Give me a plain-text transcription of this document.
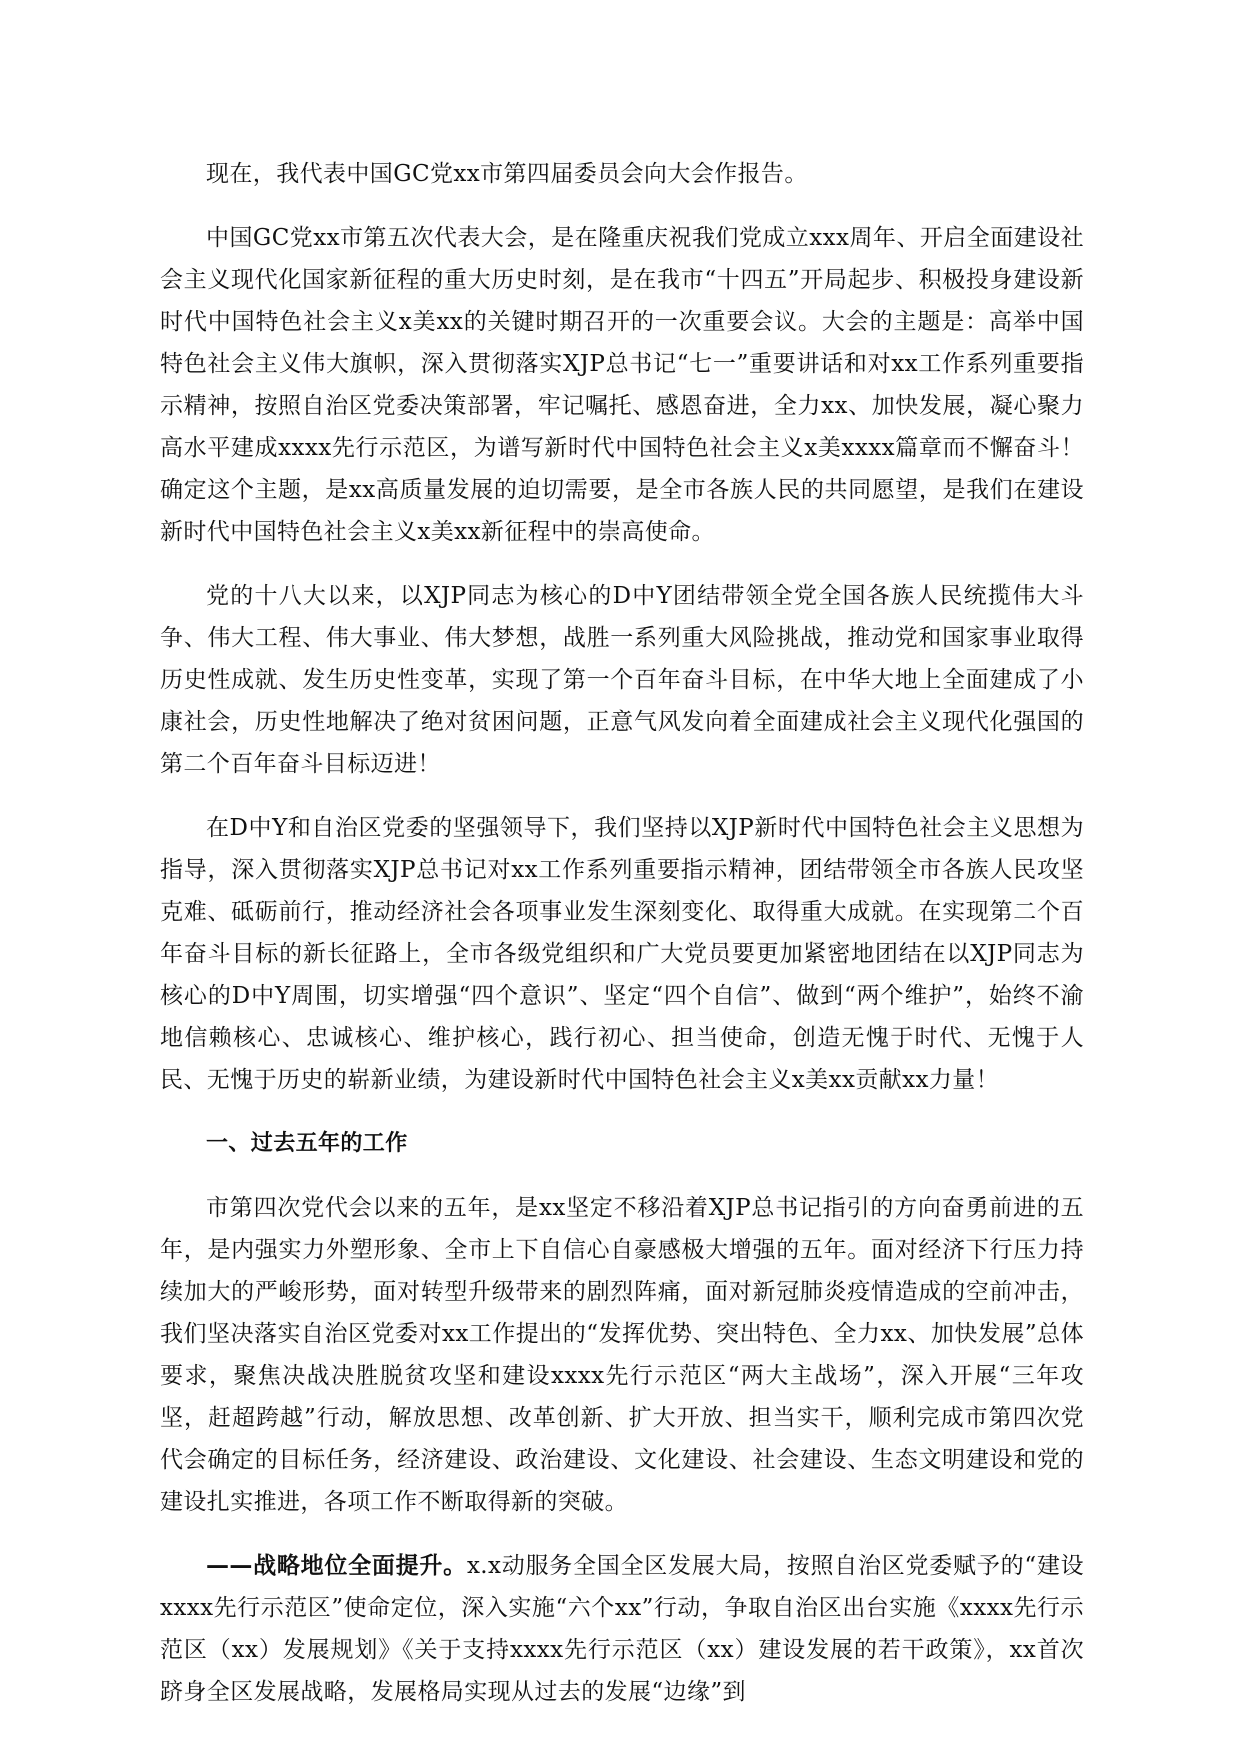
现在，我代表中国GC党xx市第四届委员会向大会作报告。

中国GC党xx市第五次代表大会，是在隆重庆祝我们党成立xxx周年、开启全面建设社会主义现代化国家新征程的重大历史时刻，是在我市“十四五”开局起步、积极投身建设新时代中国特色社会主义x美xx的关键时期召开的一次重要会议。大会的主题是：高举中国特色社会主义伟大旗帜，深入贯彻落实XJP总书记“七一”重要讲话和对xx工作系列重要指示精神，按照自治区党委决策部署，牢记嘱托、感恩奋进，全力xx、加快发展，凝心聚力高水平建成xxxx先行示范区，为谱写新时代中国特色社会主义x美xxxx篇章而不懈奋斗！确定这个主题，是xx高质量发展的迫切需要，是全市各族人民的共同愿望，是我们在建设新时代中国特色社会主义x美xx新征程中的崇高使命。

党的十八大以来，以XJP同志为核心的D中Y团结带领全党全国各族人民统揽伟大斗争、伟大工程、伟大事业、伟大梦想，战胜一系列重大风险挑战，推动党和国家事业取得历史性成就、发生历史性变革，实现了第一个百年奋斗目标，在中华大地上全面建成了小康社会，历史性地解决了绝对贫困问题，正意气风发向着全面建成社会主义现代化强国的第二个百年奋斗目标迈进！

在D中Y和自治区党委的坚强领导下，我们坚持以XJP新时代中国特色社会主义思想为指导，深入贯彻落实XJP总书记对xx工作系列重要指示精神，团结带领全市各族人民攻坚克难、砥砺前行，推动经济社会各项事业发生深刻变化、取得重大成就。在实现第二个百年奋斗目标的新长征路上，全市各级党组织和广大党员要更加紧密地团结在以XJP同志为核心的D中Y周围，切实增强“四个意识”、坚定“四个自信”、做到“两个维护”，始终不渝地信赖核心、忠诚核心、维护核心，践行初心、担当使命，创造无愧于时代、无愧于人民、无愧于历史的崭新业绩，为建设新时代中国特色社会主义x美xx贡献xx力量！

一、过去五年的工作

市第四次党代会以来的五年，是xx坚定不移沿着XJP总书记指引的方向奋勇前进的五年，是内强实力外塑形象、全市上下自信心自豪感极大增强的五年。面对经济下行压力持续加大的严峻形势，面对转型升级带来的剧烈阵痛，面对新冠肺炎疫情造成的空前冲击，我们坚决落实自治区党委对xx工作提出的“发挥优势、突出特色、全力xx、加快发展”总体要求，聚焦决战决胜脱贫攻坚和建设xxxx先行示范区“两大主战场”，深入开展“三年攻坚，赶超跨越”行动，解放思想、改革创新、扩大开放、担当实干，顺利完成市第四次党代会确定的目标任务，经济建设、政治建设、文化建设、社会建设、生态文明建设和党的建设扎实推进，各项工作不断取得新的突破。

——战略地位全面提升。x.x动服务全国全区发展大局，按照自治区党委赋予的“建设xxxx先行示范区”使命定位，深入实施“六个xx”行动，争取自治区出台实施《xxxx先行示范区（xx）发展规划》《关于支持xxxx先行示范区（xx）建设发展的若干政策》，xx首次跻身全区发展战略，发展格局实现从过去的发展“边缘”到
